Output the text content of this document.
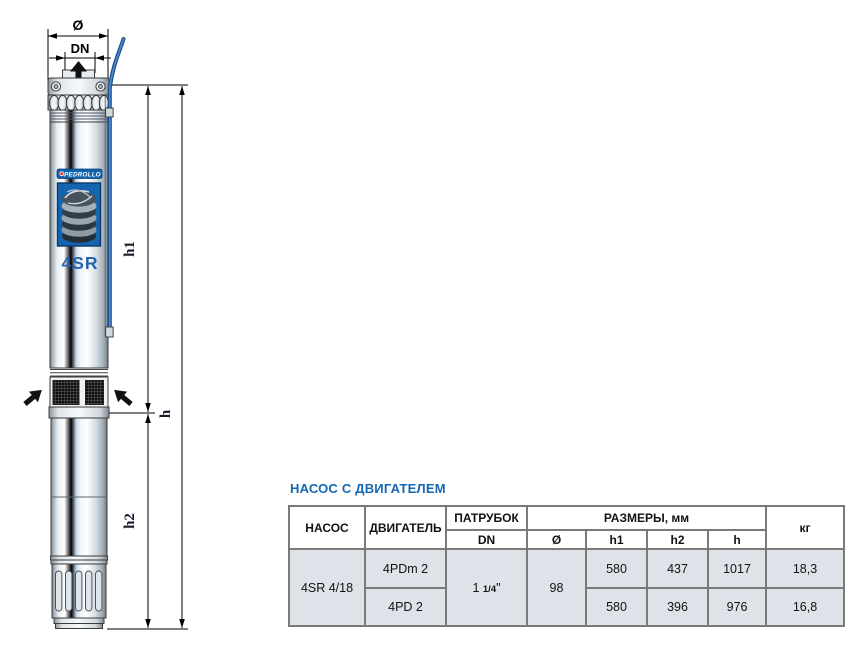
Ø
DN
h1
h2
h
PEDROLLO
4SR
НАСОС С ДВИГАТЕЛЕМ
НАСОС	ДВИГАТЕЛЬ	ПАТРУБОК	РАЗМЕРЫ, мм				кг
		DN	Ø	h1	h2	h	
4SR 4/18	4PDm 2	1 1/4"	98	580	437	1017	18,3
	4PD 2			580	396	976	16,8
